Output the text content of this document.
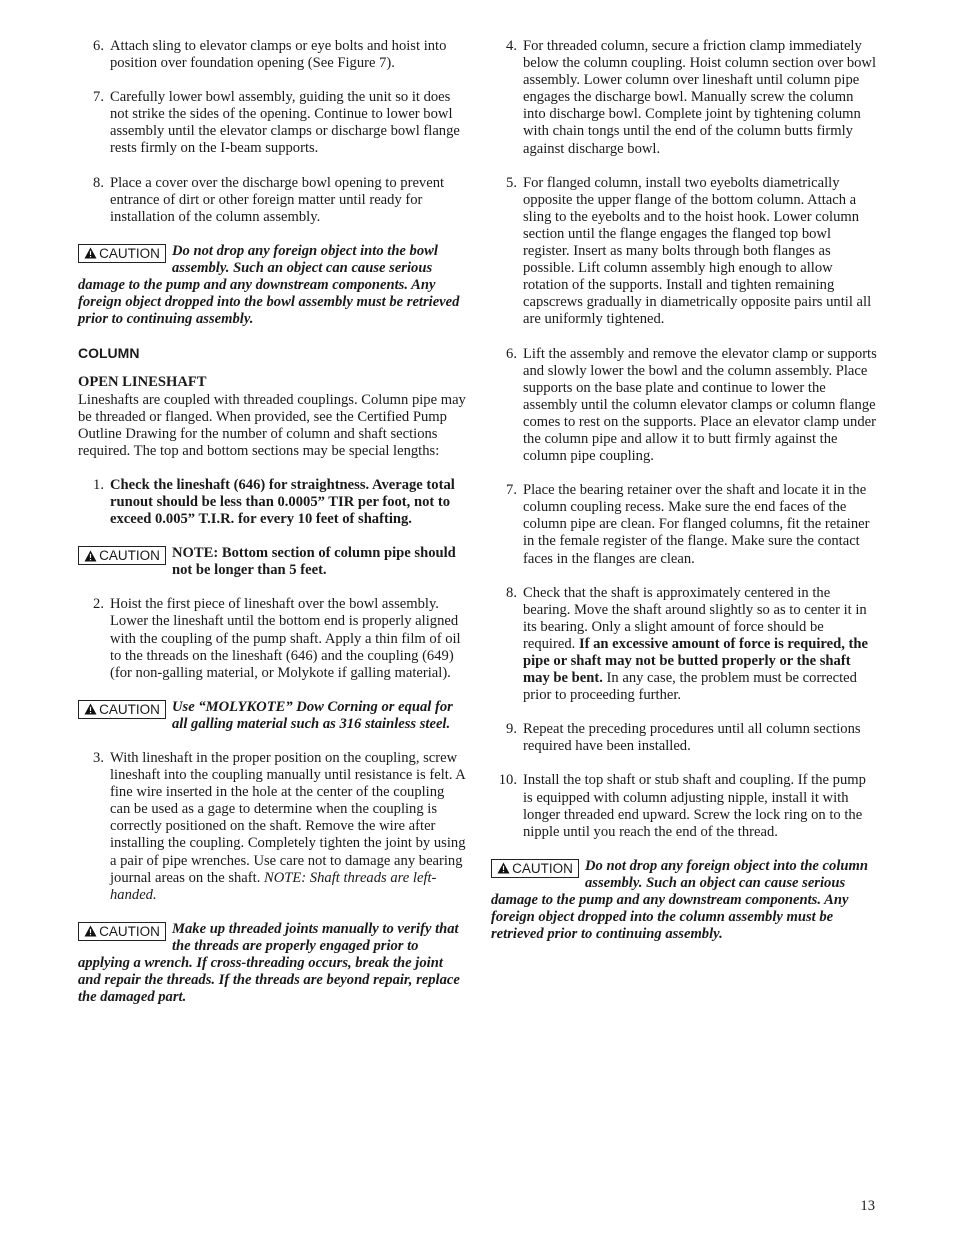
6. Attach sling to elevator clamps or eye bolts and hoist into position over foundation opening (See Figure 7).
7. Carefully lower bowl assembly, guiding the unit so it does not strike the sides of the opening. Continue to lower bowl assembly until the elevator clamps or discharge bowl flange rests firmly on the I-beam supports.
8. Place a cover over the discharge bowl opening to prevent entrance of dirt or other foreign matter until ready for installation of the column assembly.
CAUTION Do not drop any foreign object into the bowl assembly. Such an object can cause serious damage to the pump and any downstream components. Any foreign object dropped into the bowl assembly must be retrieved prior to continuing assembly.
COLUMN
OPEN LINESHAFT
Lineshafts are coupled with threaded couplings. Column pipe may be threaded or flanged. When provided, see the Certified Pump Outline Drawing for the number of column and shaft sections required. The top and bottom sections may be special lengths:
1. Check the lineshaft (646) for straightness. Average total runout should be less than 0.0005” TIR per foot, not to exceed 0.005” T.I.R. for every 10 feet of shafting.
CAUTION NOTE: Bottom section of column pipe should not be longer than 5 feet.
2. Hoist the first piece of lineshaft over the bowl assembly. Lower the lineshaft until the bottom end is properly aligned with the coupling of the pump shaft. Apply a thin film of oil to the threads on the lineshaft (646) and the coupling (649) (for non-galling material, or Molykote if galling material).
CAUTION Use “MOLYKOTE” Dow Corning or equal for all galling material such as 316 stainless steel.
3. With lineshaft in the proper position on the coupling, screw lineshaft into the coupling manually until resistance is felt. A fine wire inserted in the hole at the center of the coupling can be used as a gage to determine when the coupling is correctly positioned on the shaft. Remove the wire after installing the coupling. Completely tighten the joint by using a pair of pipe wrenches. Use care not to damage any bearing journal areas on the shaft. NOTE: Shaft threads are left-handed.
CAUTION Make up threaded joints manually to verify that the threads are properly engaged prior to applying a wrench. If cross-threading occurs, break the joint and repair the threads. If the threads are beyond repair, replace the damaged part.
4. For threaded column, secure a friction clamp immediately below the column coupling. Hoist column section over bowl assembly. Lower column over lineshaft until column pipe engages the discharge bowl. Manually screw the column into discharge bowl. Complete joint by tightening column with chain tongs until the end of the column butts firmly against discharge bowl.
5. For flanged column, install two eyebolts diametrically opposite the upper flange of the bottom column. Attach a sling to the eyebolts and to the hoist hook. Lower column section until the flange engages the flanged top bowl register. Insert as many bolts through both flanges as possible. Lift column assembly high enough to allow rotation of the supports. Install and tighten remaining capscrews gradually in diametrically opposite pairs until all are uniformly tightened.
6. Lift the assembly and remove the elevator clamp or supports and slowly lower the bowl and the column assembly. Place supports on the base plate and continue to lower the assembly until the column elevator clamps or column flange comes to rest on the supports. Place an elevator clamp under the column pipe and allow it to butt firmly against the column pipe coupling.
7. Place the bearing retainer over the shaft and locate it in the column coupling recess. Make sure the end faces of the column pipe are clean. For flanged columns, fit the retainer in the female register of the flange. Make sure the contact faces in the flanges are clean.
8. Check that the shaft is approximately centered in the bearing. Move the shaft around slightly so as to center it in its bearing. Only a slight amount of force should be required. If an excessive amount of force is required, the pipe or shaft may not be butted properly or the shaft may be bent. In any case, the problem must be corrected prior to proceeding further.
9. Repeat the preceding procedures until all column sections required have been installed.
10. Install the top shaft or stub shaft and coupling. If the pump is equipped with column adjusting nipple, install it with longer threaded end upward. Screw the lock ring on to the nipple until you reach the end of the thread.
CAUTION Do not drop any foreign object into the column assembly. Such an object can cause serious damage to the pump and any downstream components. Any foreign object dropped into the column assembly must be retrieved prior to continuing assembly.
13
